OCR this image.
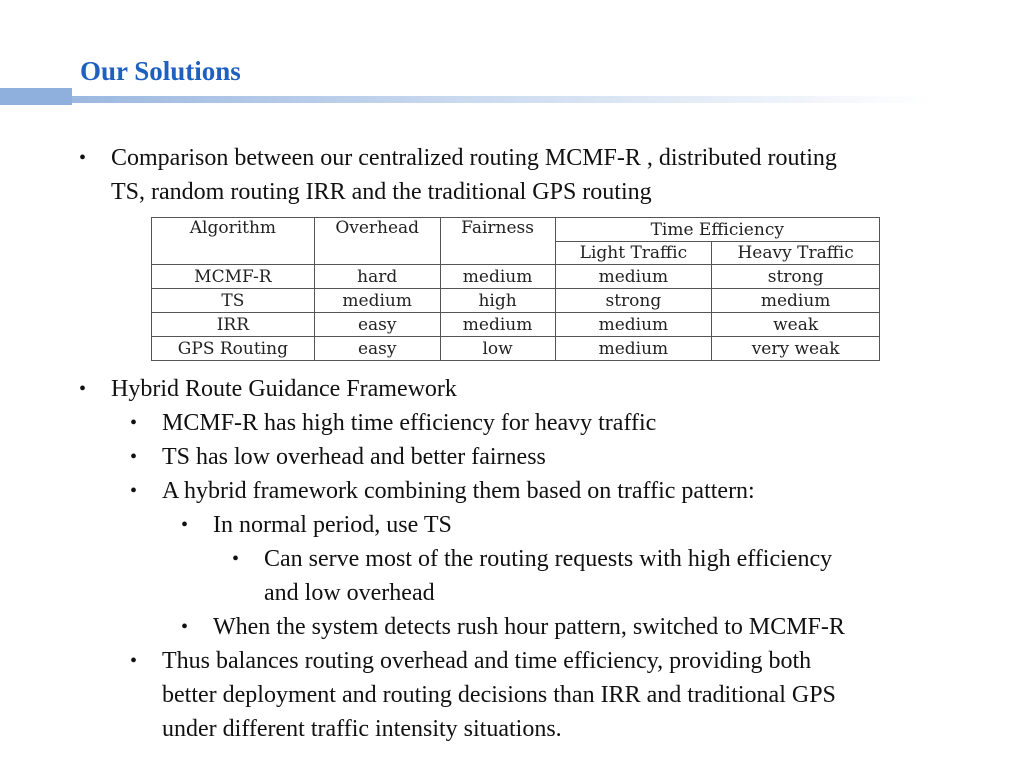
Our Solutions
• Comparison between our centralized routing MCMF-R , distributed routing
TS, random routing IRR and the traditional GPS routing
Algorithm	Overhead	Fairness	Time Efficiency	
			Light Traffic	Heavy Traffic
MCMF-R	hard	medium	medium	strong
TS	medium	high	strong	medium
IRR	easy	medium	medium	weak
GPS Routing	easy	low	medium	very weak
• Hybrid Route Guidance Framework
• MCMF-R has high time efficiency for heavy traffic
• TS has low overhead and better fairness
• A hybrid framework combining them based on traffic pattern:
• In normal period, use TS
• Can serve most of the routing requests with high efficiency
and low overhead
• When the system detects rush hour pattern, switched to MCMF-R
• Thus balances routing overhead and time efficiency, providing both
better deployment and routing decisions than IRR and traditional GPS
under different traffic intensity situations.
